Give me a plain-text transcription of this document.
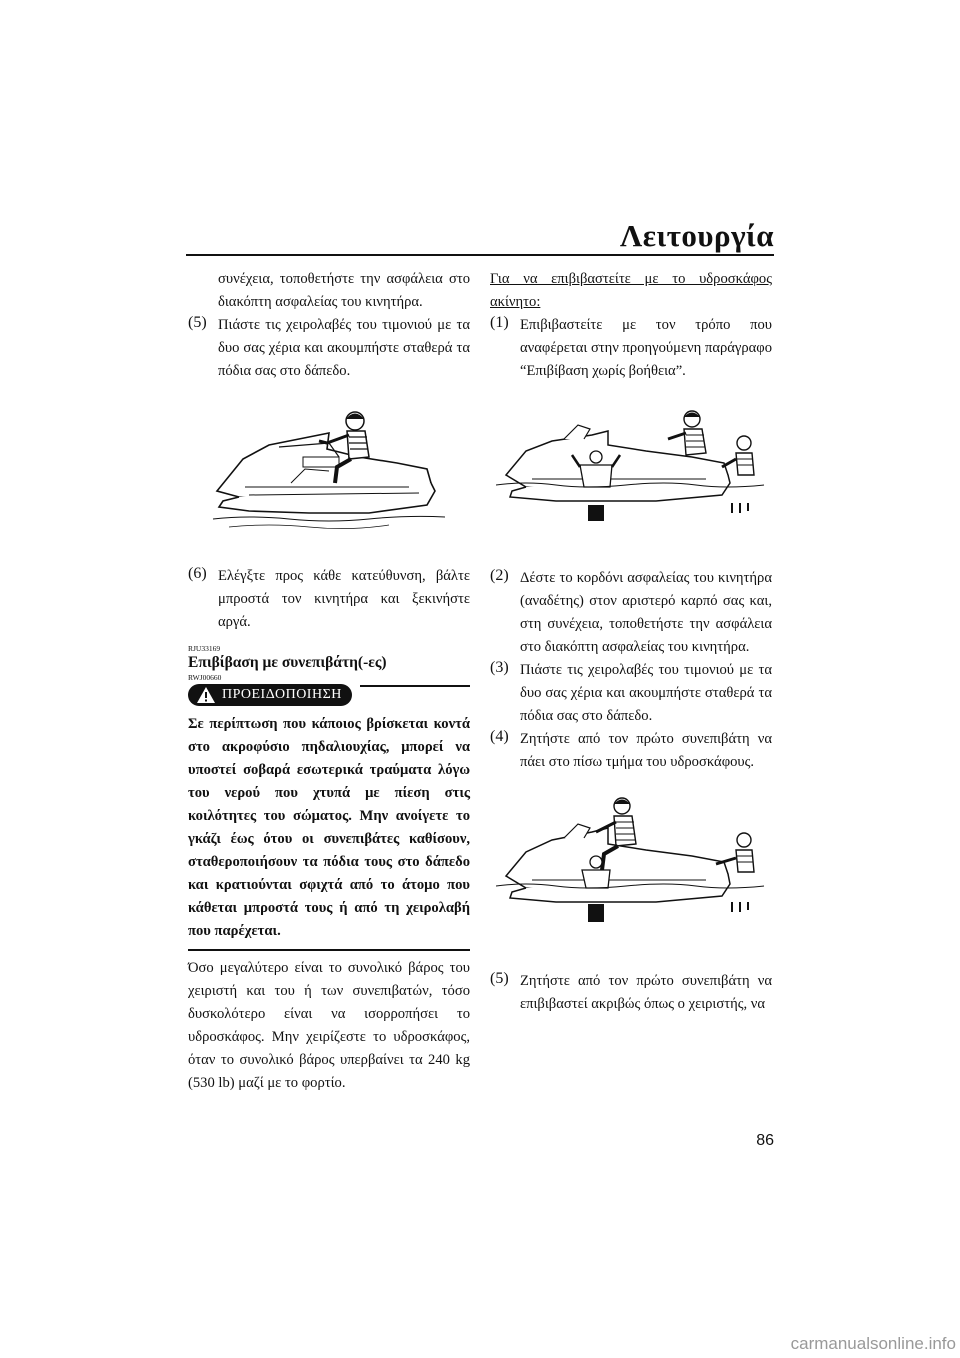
Λειτουργία

συνέχεια, τοποθετήστε την ασφάλεια στο διακόπτη ασφαλείας του κινητήρα.

(5) Πιάστε τις χειρολαβές του τιμονιού με τα δυο σας χέρια και ακουμπήστε σταθερά τα πόδια σας στο δάπεδο.

(6) Ελέγξτε προς κάθε κατεύθυνση, βάλτε μπροστά τον κινητήρα και ξεκινήστε αργά.

RJU33169
Επιβίβαση με συνεπιβάτη(-ες)
RWJ00660
ΠΡΟΕΙΔΟΠΟΙΗΣΗ

Σε περίπτωση που κάποιος βρίσκεται κοντά στο ακροφύσιο πηδαλιουχίας, μπορεί να υποστεί σοβαρά εσωτερικά τραύματα λόγω του νερού που χτυπά με πίεση στις κοιλότητες του σώματος. Μην ανοίγετε το γκάζι έως ότου οι συνεπιβάτες καθίσουν, σταθεροποιήσουν τα πόδια τους στο δάπεδο και κρατιούνται σφιχτά από το άτομο που κάθεται μπροστά τους ή από τη χειρολαβή που παρέχεται.

Όσο μεγαλύτερο είναι το συνολικό βάρος του χειριστή και του ή των συνεπιβατών, τόσο δυσκολότερο είναι να ισορροπήσει το υδροσκάφος. Μην χειρίζεστε το υδροσκάφος, όταν το συνολικό βάρος υπερβαίνει τα 240 kg (530 lb) μαζί με το φορτίο.

Για να επιβιβαστείτε με το υδροσκάφος ακίνητο:

(1) Επιβιβαστείτε με τον τρόπο που αναφέρεται στην προηγούμενη παράγραφο “Επιβίβαση χωρίς βοήθεια”.

(2) Δέστε το κορδόνι ασφαλείας του κινητήρα (αναδέτης) στον αριστερό καρπό σας και, στη συνέχεια, τοποθετήστε την ασφάλεια στο διακόπτη ασφαλείας του κινητήρα.

(3) Πιάστε τις χειρολαβές του τιμονιού με τα δυο σας χέρια και ακουμπήστε σταθερά τα πόδια σας στο δάπεδο.

(4) Ζητήστε από τον πρώτο συνεπιβάτη να πάει στο πίσω τμήμα του υδροσκάφους.

(5) Ζητήστε από τον πρώτο συνεπιβάτη να επιβιβαστεί ακριβώς όπως ο χειριστής, να

86
carmanualsonline.info
